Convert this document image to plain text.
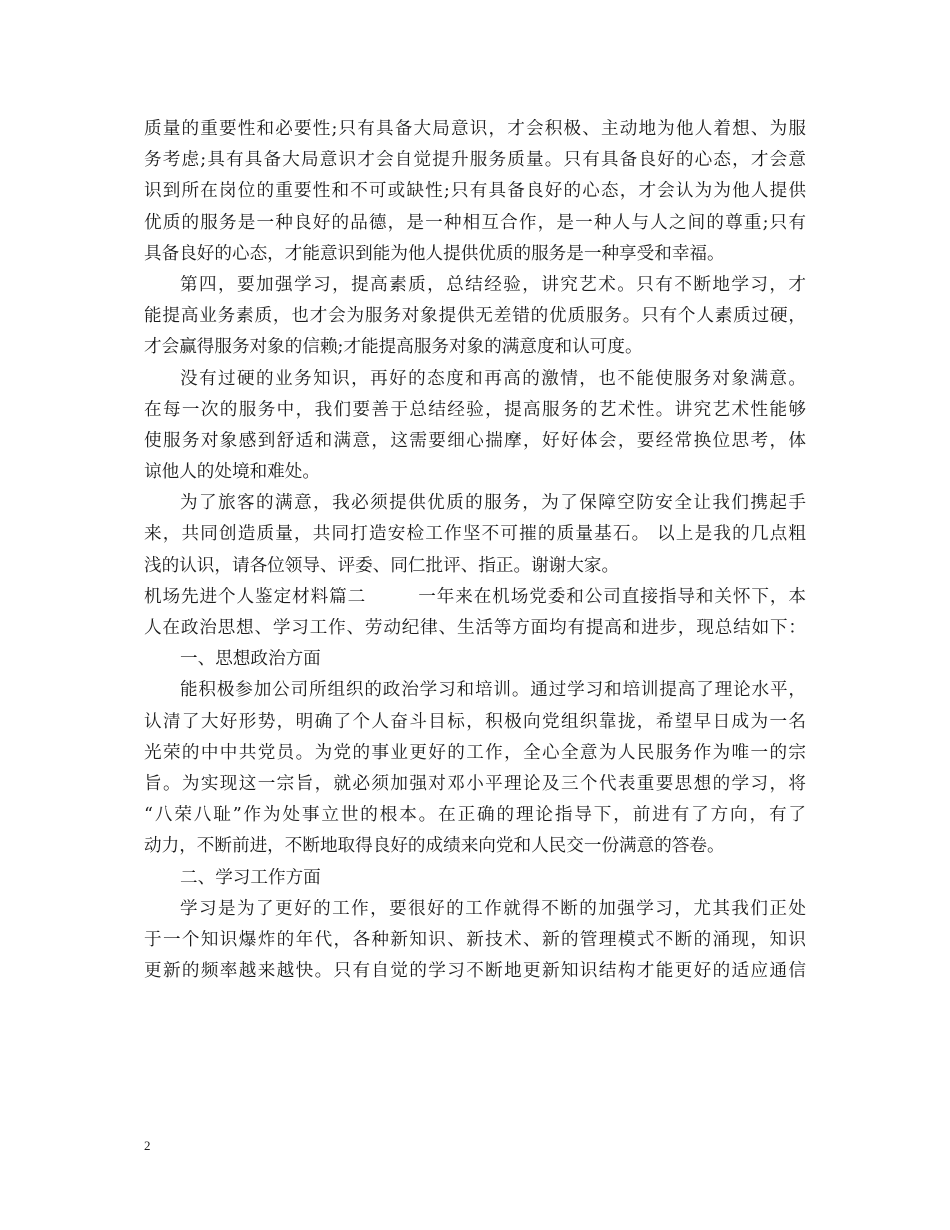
质量的重要性和必要性;只有具备大局意识，才会积极、主动地为他人着想、为服
务考虑;具有具备大局意识才会自觉提升服务质量。只有具备良好的心态，才会意
识到所在岗位的重要性和不可或缺性;只有具备良好的心态，才会认为为他人提供
优质的服务是一种良好的品德，是一种相互合作，是一种人与人之间的尊重;只有
具备良好的心态，才能意识到能为他人提供优质的服务是一种享受和幸福。
第四，要加强学习，提高素质，总结经验，讲究艺术。只有不断地学习，才
能提高业务素质，也才会为服务对象提供无差错的优质服务。只有个人素质过硬，
才会赢得服务对象的信赖;才能提高服务对象的满意度和认可度。
没有过硬的业务知识，再好的态度和再高的激情，也不能使服务对象满意。
在每一次的服务中，我们要善于总结经验，提高服务的艺术性。讲究艺术性能够
使服务对象感到舒适和满意，这需要细心揣摩，好好体会，要经常换位思考，体
谅他人的处境和难处。
为了旅客的满意，我必须提供优质的服务，为了保障空防安全让我们携起手
来，共同创造质量，共同打造安检工作坚不可摧的质量基石。 以上是我的几点粗
浅的认识，请各位领导、评委、同仁批评、指正。谢谢大家。
机场先进个人鉴定材料篇二        一年来在机场党委和公司直接指导和关怀下，本
人在政治思想、学习工作、劳动纪律、生活等方面均有提高和进步，现总结如下：
一、思想政治方面
能积极参加公司所组织的政治学习和培训。通过学习和培训提高了理论水平，
认清了大好形势，明确了个人奋斗目标，积极向党组织靠拢，希望早日成为一名
光荣的中中共党员。为党的事业更好的工作，全心全意为人民服务作为唯一的宗
旨。为实现这一宗旨，就必须加强对邓小平理论及三个代表重要思想的学习，将
“八荣八耻”作为处事立世的根本。在正确的理论指导下，前进有了方向，有了
动力，不断前进，不断地取得良好的成绩来向党和人民交一份满意的答卷。
二、学习工作方面
学习是为了更好的工作，要很好的工作就得不断的加强学习，尤其我们正处
于一个知识爆炸的年代，各种新知识、新技术、新的管理模式不断的涌现，知识
更新的频率越来越快。只有自觉的学习不断地更新知识结构才能更好的适应通信
2
